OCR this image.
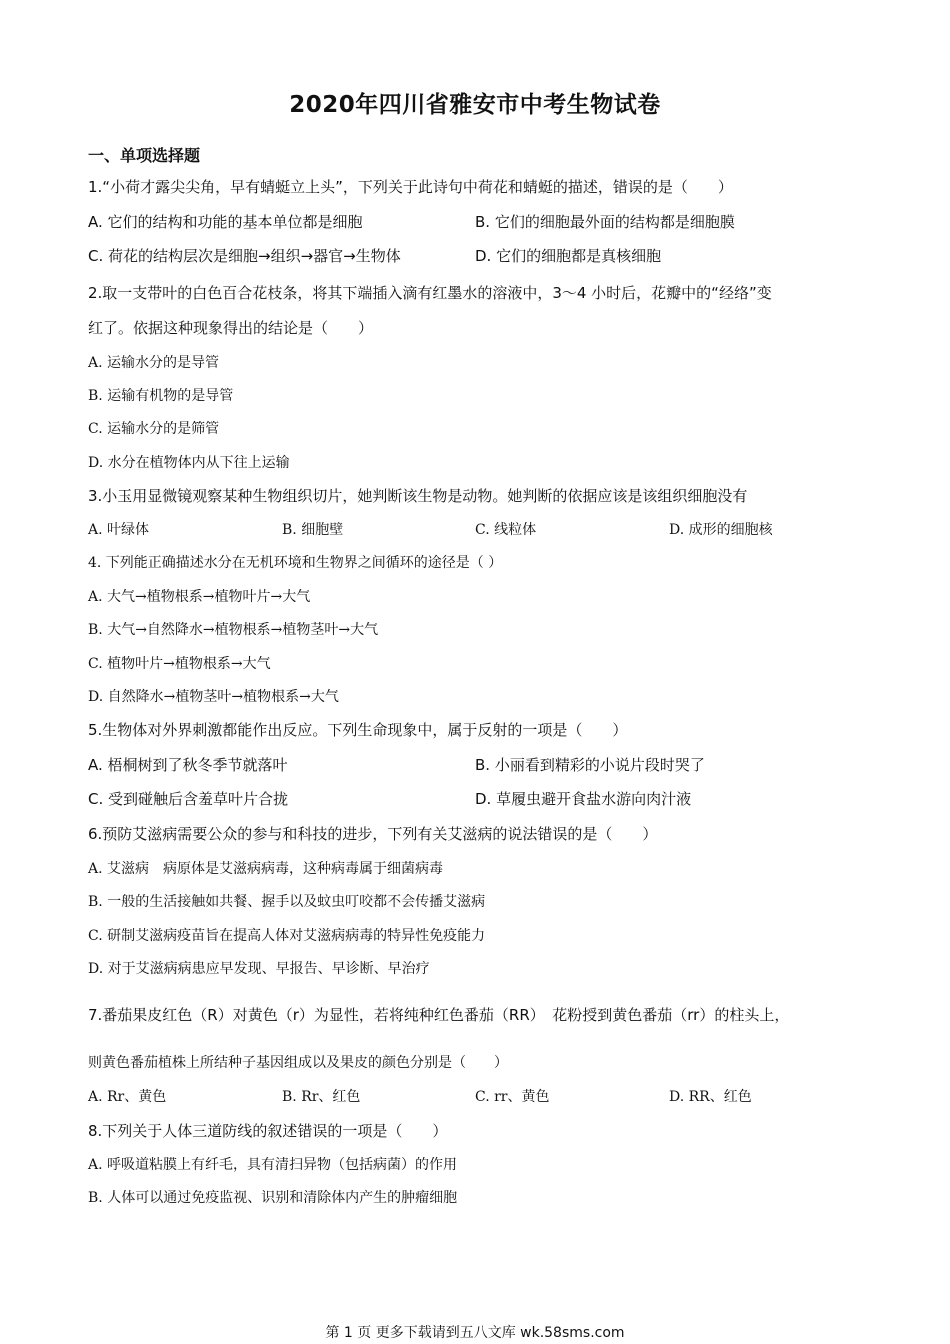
2020年四川省雅安市中考生物试卷
一、单项选择题
1.“小荷才露尖尖角，早有蜻蜓立上头”，下列关于此诗句中荷花和蜻蜓的描述，错误的是（　　）
A. 它们的结构和功能的基本单位都是细胞	B. 它们的细胞最外面的结构都是细胞膜
C. 荷花的结构层次是细胞→组织→器官→生物体	D. 它们的细胞都是真核细胞
2.取一支带叶的白色百合花枝条，将其下端插入滴有红墨水的溶液中，3～4 小时后，花瓣中的“经络”变
红了。依据这种现象得出的结论是（　　）
A. 运输水分的是导管
B. 运输有机物的是导管
C. 运输水分的是筛管
D. 水分在植物体内从下往上运输
3.小玉用显微镜观察某种生物组织切片，她判断该生物是动物。她判断的依据应该是该组织细胞没有
A. 叶绿体	B. 细胞壁	C. 线粒体	D. 成形的细胞核
4. 下列能正确描述水分在无机环境和生物界之间循环的途径是（ ）
A. 大气→植物根系→植物叶片→大气
B. 大气→自然降水→植物根系→植物茎叶→大气
C. 植物叶片→植物根系→大气
D. 自然降水→植物茎叶→植物根系→大气
5.生物体对外界刺激都能作出反应。下列生命现象中，属于反射的一项是（　　）
A. 梧桐树到了秋冬季节就落叶	B. 小丽看到精彩的小说片段时哭了
C. 受到碰触后含羞草叶片合拢	D. 草履虫避开食盐水游向肉汁液
6.预防艾滋病需要公众的参与和科技的进步，下列有关艾滋病的说法错误的是（　　）
A. 艾滋病　病原体是艾滋病病毒，这种病毒属于细菌病毒
B. 一般的生活接触如共餐、握手以及蚊虫叮咬都不会传播艾滋病
C. 研制艾滋病疫苗旨在提高人体对艾滋病病毒的特异性免疫能力
D. 对于艾滋病病患应早发现、早报告、早诊断、早治疗
7.番茄果皮红色（R）对黄色（r）为显性，若将纯种红色番茄（RR）　花粉授到黄色番茄（rr）的柱头上，
则黄色番茄植株上所结种子基因组成以及果皮的颜色分别是（　　）
A. Rr、黄色	B. Rr、红色	C. rr、黄色	D. RR、红色
8.下列关于人体三道防线的叙述错误的一项是（　　）
A. 呼吸道粘膜上有纤毛，具有清扫异物（包括病菌）的作用
B. 人体可以通过免疫监视、识别和清除体内产生的肿瘤细胞
第 1 页 更多下载请到五八文库 wk.58sms.com
